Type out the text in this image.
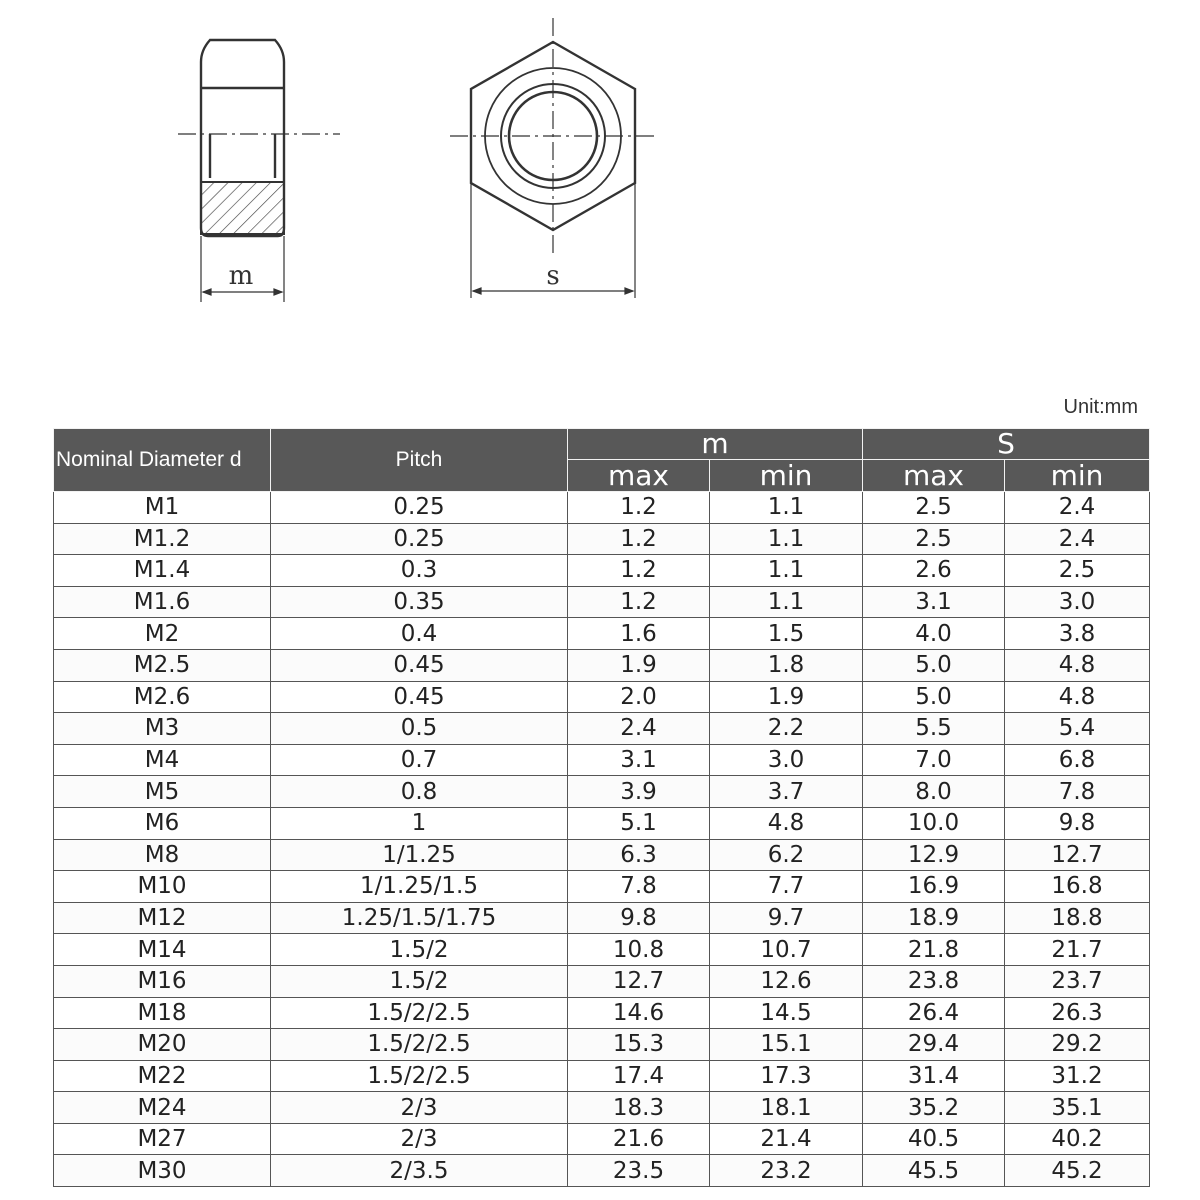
m	s
Unit:mm
Nominal Diameter d	Pitch	m		S	
		max	min	max	min
M1	0.25	1.2	1.1	2.5	2.4
M1.2	0.25	1.2	1.1	2.5	2.4
M1.4	0.3	1.2	1.1	2.6	2.5
M1.6	0.35	1.2	1.1	3.1	3.0
M2	0.4	1.6	1.5	4.0	3.8
M2.5	0.45	1.9	1.8	5.0	4.8
M2.6	0.45	2.0	1.9	5.0	4.8
M3	0.5	2.4	2.2	5.5	5.4
M4	0.7	3.1	3.0	7.0	6.8
M5	0.8	3.9	3.7	8.0	7.8
M6	1	5.1	4.8	10.0	9.8
M8	1/1.25	6.3	6.2	12.9	12.7
M10	1/1.25/1.5	7.8	7.7	16.9	16.8
M12	1.25/1.5/1.75	9.8	9.7	18.9	18.8
M14	1.5/2	10.8	10.7	21.8	21.7
M16	1.5/2	12.7	12.6	23.8	23.7
M18	1.5/2/2.5	14.6	14.5	26.4	26.3
M20	1.5/2/2.5	15.3	15.1	29.4	29.2
M22	1.5/2/2.5	17.4	17.3	31.4	31.2
M24	2/3	18.3	18.1	35.2	35.1
M27	2/3	21.6	21.4	40.5	40.2
M30	2/3.5	23.5	23.2	45.5	45.2
